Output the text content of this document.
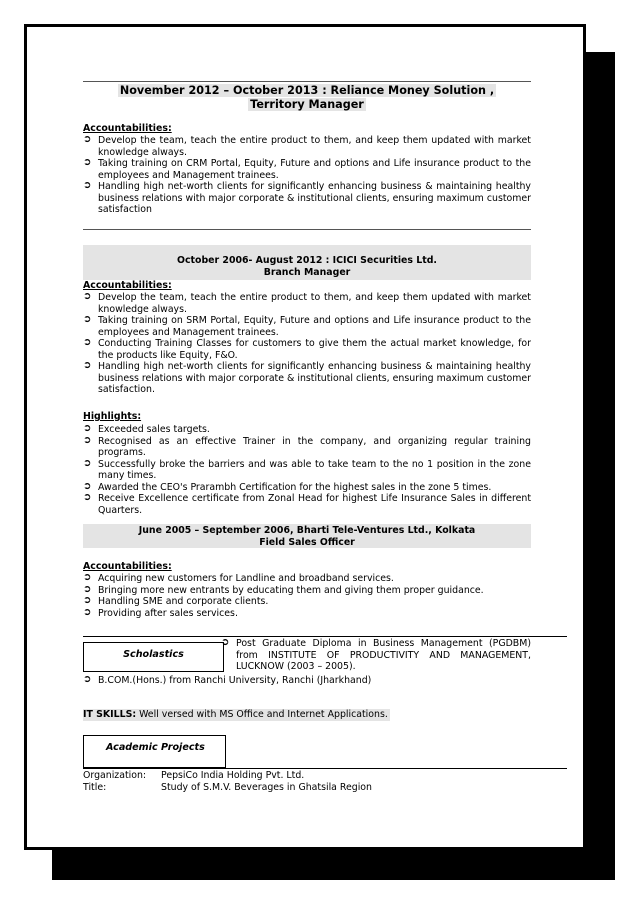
November 2012 – October 2013 : Reliance Money Solution ,
Territory Manager
Accountabilities:
➲ Develop the team, teach the entire product to them, and keep them updated with market knowledge always.
➲ Taking training on CRM Portal, Equity, Future and options and Life insurance product to the employees and Management trainees.
➲ Handling high net-worth clients for significantly enhancing business & maintaining healthy business relations with major corporate & institutional clients, ensuring maximum customer satisfaction
October 2006- August 2012 : ICICI Securities Ltd.
Branch Manager
Accountabilities:
➲ Develop the team, teach the entire product to them, and keep them updated with market knowledge always.
➲ Taking training on SRM Portal, Equity, Future and options and Life insurance product to the employees and Management trainees.
➲ Conducting Training Classes for customers to give them the actual market knowledge, for the products like Equity, F&O.
➲ Handling high net-worth clients for significantly enhancing business & maintaining healthy business relations with major corporate & institutional clients, ensuring maximum customer satisfaction.
Highlights:
➲ Exceeded sales targets.
➲ Recognised as an effective Trainer in the company, and organizing regular training programs.
➲ Successfully broke the barriers and was able to take team to the no 1 position in the zone many times.
➲ Awarded the CEO's Prarambh Certification for the highest sales in the zone 5 times.
➲ Receive Excellence certificate from Zonal Head for highest Life Insurance Sales in different Quarters.
June 2005 – September 2006, Bharti Tele-Ventures Ltd., Kolkata
Field Sales Officer
Accountabilities:
➲ Acquiring new customers for Landline and broadband services.
➲ Bringing more new entrants by educating them and giving them proper guidance.
➲ Handling SME and corporate clients.
➲ Providing after sales services.
Scholastics
➲ Post Graduate Diploma in Business Management (PGDBM) from INSTITUTE OF PRODUCTIVITY AND MANAGEMENT, LUCKNOW (2003 – 2005).
➲ B.COM.(Hons.) from Ranchi University, Ranchi (Jharkhand)
IT SKILLS: Well versed with MS Office and Internet Applications.
Academic Projects
Organization:	PepsiCo India Holding Pvt. Ltd.
Title:	Study of S.M.V. Beverages in Ghatsila Region
